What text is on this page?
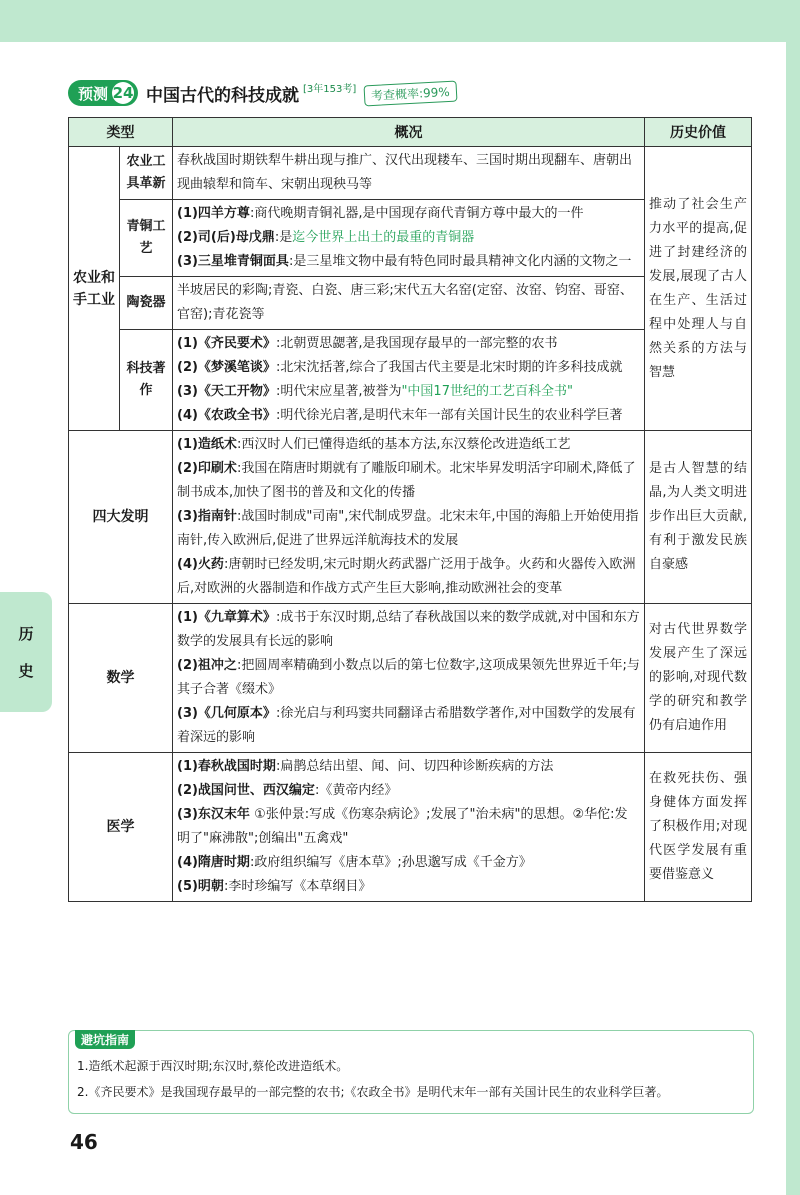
预测 24 中国古代的科技成就 [3年153考]	考查概率:99%
类型		概况	历史价值
农业和手工业	农业工具革新	春秋战国时期铁犁牛耕出现与推广、汉代出现耧车、三国时期出现翻车、唐朝出现曲辕犁和筒车、宋朝出现秧马等	推动了社会生产力水平的提高,促进了封建经济的发展,展现了古人在生产、生活过程中处理人与自然关系的方法与智慧
	青铜工艺	(1)四羊方尊:商代晚期青铜礼器,是中国现存商代青铜方尊中最大的一件
(2)司(后)母戊鼎:是迄今世界上出土的最重的青铜器
(3)三星堆青铜面具:是三星堆文物中最有特色同时最具精神文化内涵的文物之一	

	陶瓷器	半坡居民的彩陶;青瓷、白瓷、唐三彩;宋代五大名窑(定窑、汝窑、钧窑、哥窑、官窑);青花瓷等	
	科技著作	(1)《齐民要术》:北朝贾思勰著,是我国现存最早的一部完整的农书
(2)《梦溪笔谈》:北宋沈括著,综合了我国古代主要是北宋时期的许多科技成就
(3)《天工开物》:明代宋应星著,被誉为"中国17世纪的工艺百科全书"
(4)《农政全书》:明代徐光启著,是明代末年一部有关国计民生的农业科学巨著	

四大发明		(1)造纸术:西汉时人们已懂得造纸的基本方法,东汉蔡伦改进造纸工艺
(2)印刷术:我国在隋唐时期就有了雕版印刷术。北宋毕昇发明活字印刷术,降低了制书成本,加快了图书的普及和文化的传播
(3)指南针:战国时制成"司南",宋代制成罗盘。北宋末年,中国的海船上开始使用指南针,传入欧洲后,促进了世界远洋航海技术的发展
(4)火药:唐朝时已经发明,宋元时期火药武器广泛用于战争。火药和火器传入欧洲后,对欧洲的火器制造和作战方式产生巨大影响,推动欧洲社会的变革	是古人智慧的结晶,为人类文明进步作出巨大贡献,有利于激发民族自豪感
数学		(1)《九章算术》:成书于东汉时期,总结了春秋战国以来的数学成就,对中国和东方数学的发展具有长远的影响
(2)祖冲之:把圆周率精确到小数点以后的第七位数字,这项成果领先世界近千年;与其子合著《缀术》
(3)《几何原本》:徐光启与利玛窦共同翻译古希腊数学著作,对中国数学的发展有着深远的影响	对古代世界数学发展产生了深远的影响,对现代数学的研究和教学仍有启迪作用
医学		(1)春秋战国时期:扁鹊总结出望、闻、问、切四种诊断疾病的方法
(2)战国问世、西汉编定:《黄帝内经》
(3)东汉末年 ①张仲景:写成《伤寒杂病论》;发展了"治未病"的思想。②华佗:发明了"麻沸散";创编出"五禽戏"
(4)隋唐时期:政府组织编写《唐本草》;孙思邈写成《千金方》
(5)明朝:李时珍编写《本草纲目》	在救死扶伤、强身健体方面发挥了积极作用;对现代医学发展有重要借鉴意义
历
史
避坑指南
1.造纸术起源于西汉时期;东汉时,蔡伦改进造纸术。
2.《齐民要术》是我国现存最早的一部完整的农书;《农政全书》是明代末年一部有关国计民生的农业科学巨著。
46
